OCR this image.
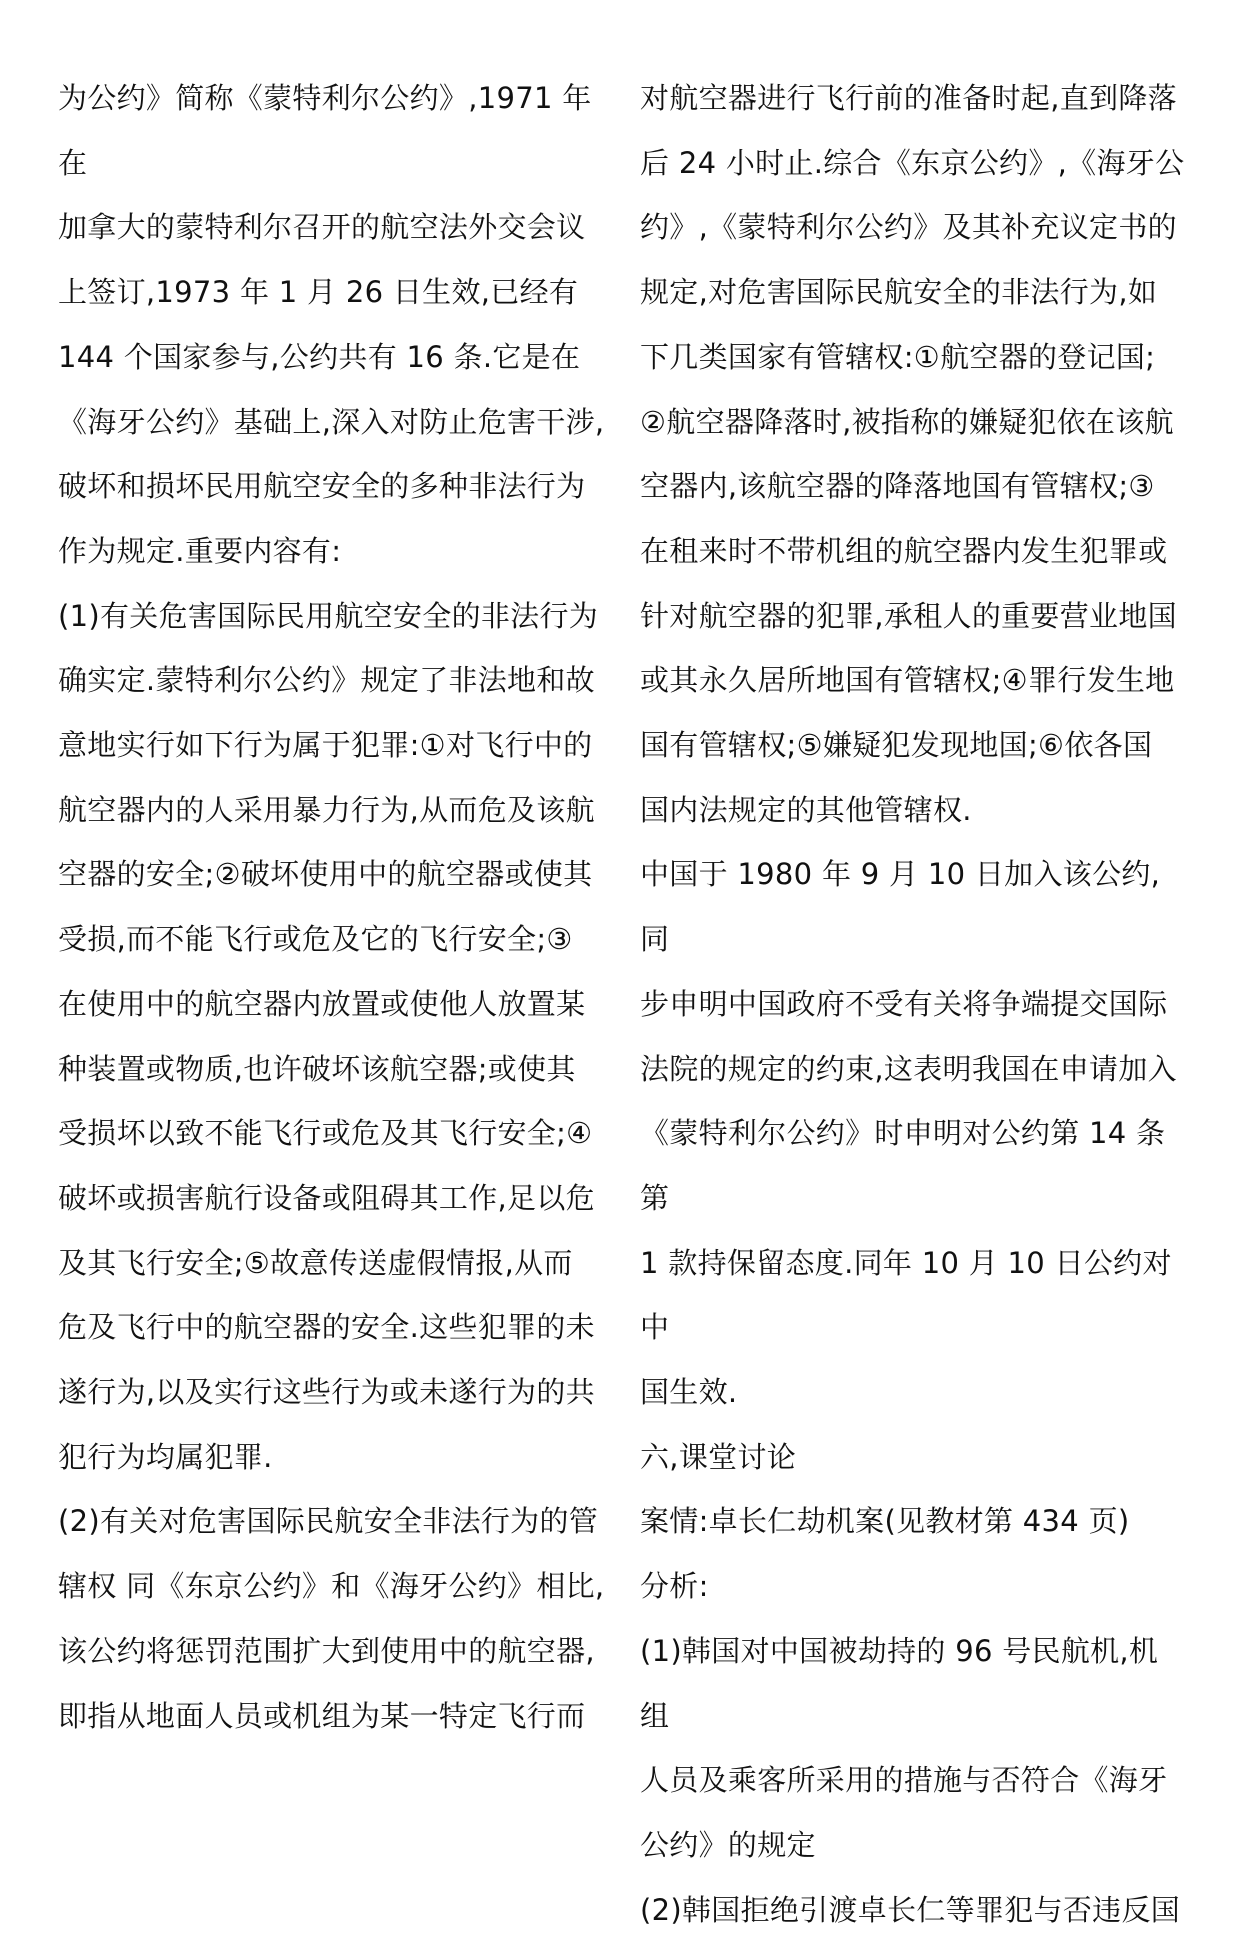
为公约》简称《蒙特利尔公约》,1971 年在
加拿大的蒙特利尔召开的航空法外交会议
上签订,1973 年 1 月 26 日生效,已经有
144 个国家参与,公约共有 16 条.它是在
《海牙公约》基础上,深入对防止危害干涉,
破坏和损坏民用航空安全的多种非法行为
作为规定.重要内容有:

(1)有关危害国际民用航空安全的非法行为
确实定.蒙特利尔公约》规定了非法地和故
意地实行如下行为属于犯罪:①对飞行中的
航空器内的人采用暴力行为,从而危及该航
空器的安全;②破坏使用中的航空器或使其
受损,而不能飞行或危及它的飞行安全;③
在使用中的航空器内放置或使他人放置某
种装置或物质,也许破坏该航空器;或使其
受损坏以致不能飞行或危及其飞行安全;④
破坏或损害航行设备或阻碍其工作,足以危
及其飞行安全;⑤故意传送虚假情报,从而
危及飞行中的航空器的安全.这些犯罪的未
遂行为,以及实行这些行为或未遂行为的共
犯行为均属犯罪.

(2)有关对危害国际民航安全非法行为的管
辖权 同《东京公约》和《海牙公约》相比,
该公约将惩罚范围扩大到使用中的航空器,
即指从地面人员或机组为某一特定飞行而

对航空器进行飞行前的准备时起,直到降落
后 24 小时止.综合《东京公约》,《海牙公
约》,《蒙特利尔公约》及其补充议定书的
规定,对危害国际民航安全的非法行为,如
下几类国家有管辖权:①航空器的登记国;
②航空器降落时,被指称的嫌疑犯依在该航
空器内,该航空器的降落地国有管辖权;③
在租来时不带机组的航空器内发生犯罪或
针对航空器的犯罪,承租人的重要营业地国
或其永久居所地国有管辖权;④罪行发生地
国有管辖权;⑤嫌疑犯发现地国;⑥依各国
国内法规定的其他管辖权.

中国于 1980 年 9 月 10 日加入该公约,同
步申明中国政府不受有关将争端提交国际
法院的规定的约束,这表明我国在申请加入
《蒙特利尔公约》时申明对公约第 14 条第
1 款持保留态度.同年 10 月 10 日公约对中
国生效.

六,课堂讨论

案情:卓长仁劫机案(见教材第 434 页)

分析:

(1)韩国对中国被劫持的 96 号民航机,机组
人员及乘客所采用的措施与否符合《海牙
公约》的规定

(2)韩国拒绝引渡卓长仁等罪犯与否违反国
